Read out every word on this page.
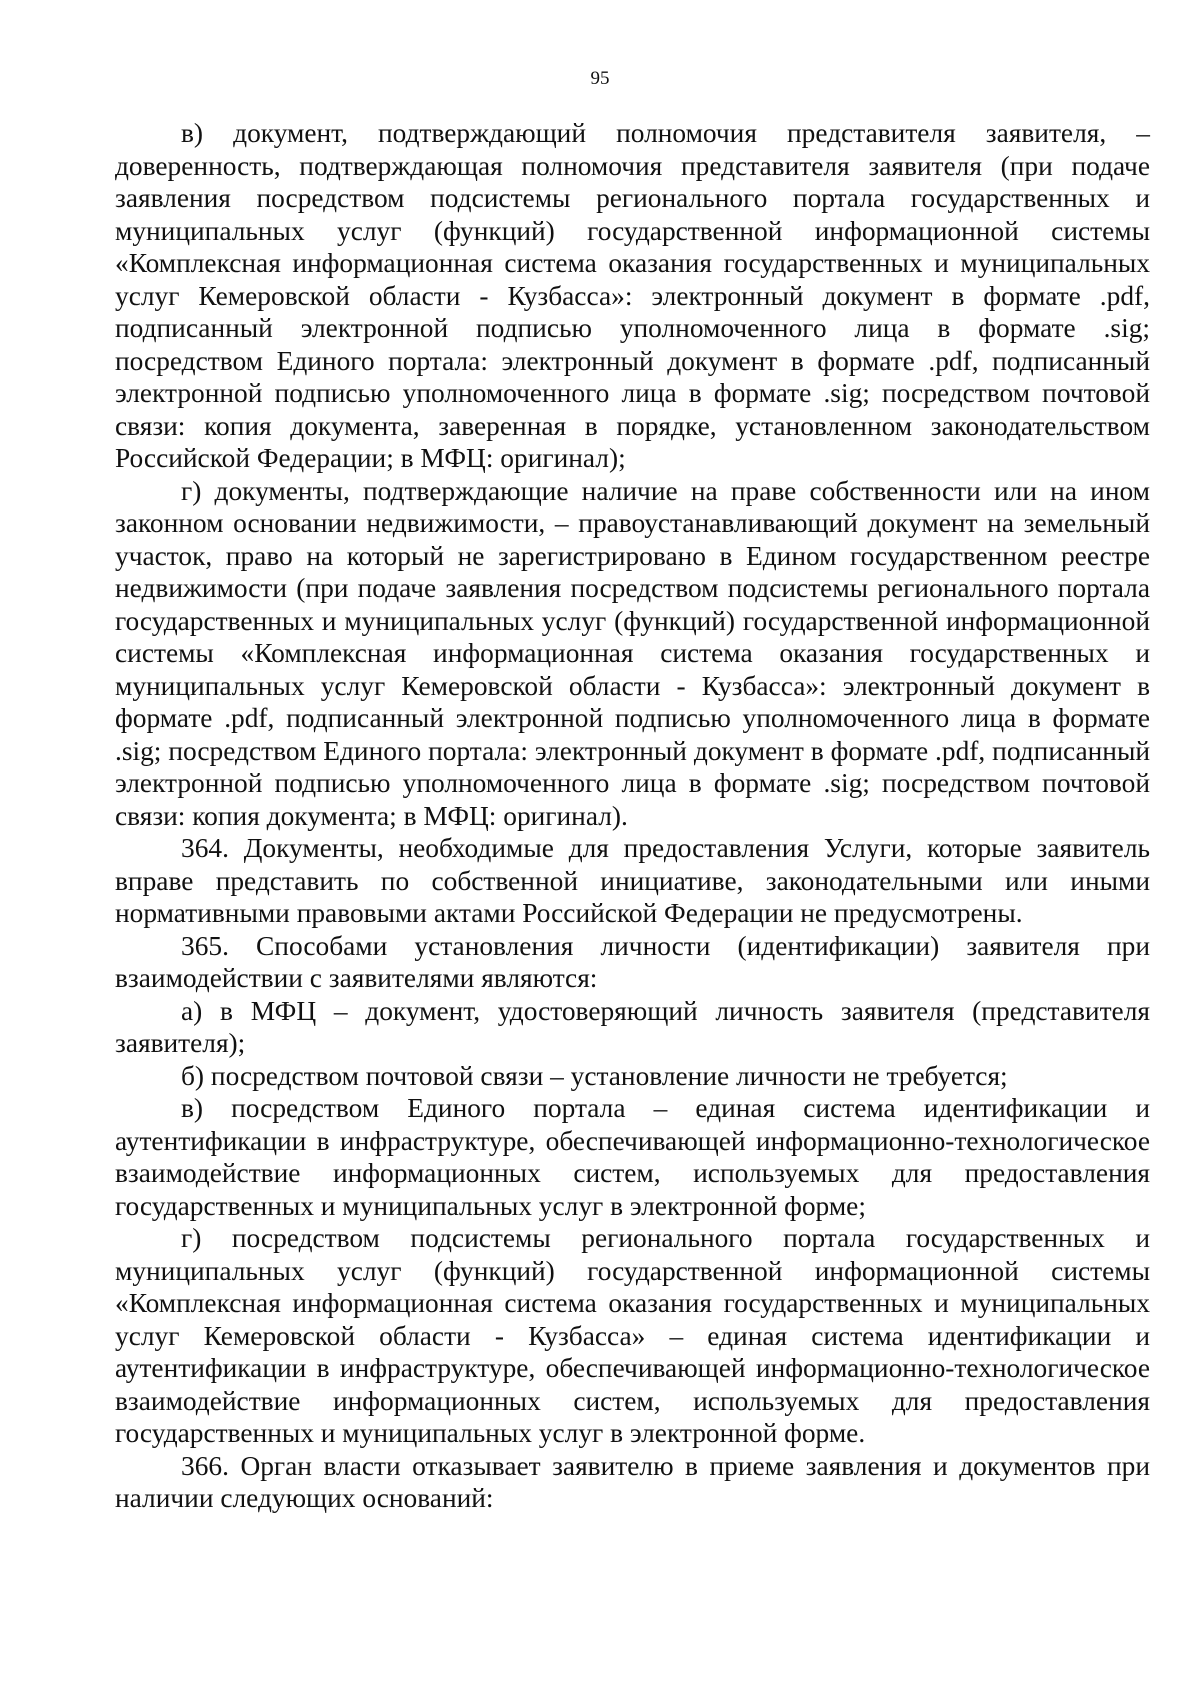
95

в) документ, подтверждающий полномочия представителя заявителя, – доверенность, подтверждающая полномочия представителя заявителя (при подаче заявления посредством подсистемы регионального портала государственных и муниципальных услуг (функций) государственной информационной системы «Комплексная информационная система оказания государственных и муниципальных услуг Кемеровской области - Кузбасса»: электронный документ в формате .pdf, подписанный электронной подписью уполномоченного лица в формате .sig; посредством Единого портала: электронный документ в формате .pdf, подписанный электронной подписью уполномоченного лица в формате .sig; посредством почтовой связи: копия документа, заверенная в порядке, установленном законодательством Российской Федерации; в МФЦ: оригинал);

г) документы, подтверждающие наличие на праве собственности или на ином законном основании недвижимости, – правоустанавливающий документ на земельный участок, право на который не зарегистрировано в Едином государственном реестре недвижимости (при подаче заявления посредством подсистемы регионального портала государственных и муниципальных услуг (функций) государственной информационной системы «Комплексная информационная система оказания государственных и муниципальных услуг Кемеровской области - Кузбасса»: электронный документ в формате .pdf, подписанный электронной подписью уполномоченного лица в формате .sig; посредством Единого портала: электронный документ в формате .pdf, подписанный электронной подписью уполномоченного лица в формате .sig; посредством почтовой связи: копия документа; в МФЦ: оригинал).

364. Документы, необходимые для предоставления Услуги, которые заявитель вправе представить по собственной инициативе, законодательными или иными нормативными правовыми актами Российской Федерации не предусмотрены.

365. Способами установления личности (идентификации) заявителя при взаимодействии с заявителями являются:

а) в МФЦ – документ, удостоверяющий личность заявителя (представителя заявителя);

б) посредством почтовой связи – установление личности не требуется;

в) посредством Единого портала – единая система идентификации и аутентификации в инфраструктуре, обеспечивающей информационно-технологическое взаимодействие информационных систем, используемых для предоставления государственных и муниципальных услуг в электронной форме;

г) посредством подсистемы регионального портала государственных и муниципальных услуг (функций) государственной информационной системы «Комплексная информационная система оказания государственных и муниципальных услуг Кемеровской области - Кузбасса» – единая система идентификации и аутентификации в инфраструктуре, обеспечивающей информационно-технологическое взаимодействие информационных систем, используемых для предоставления государственных и муниципальных услуг в электронной форме.

366. Орган власти отказывает заявителю в приеме заявления и документов при наличии следующих оснований:
